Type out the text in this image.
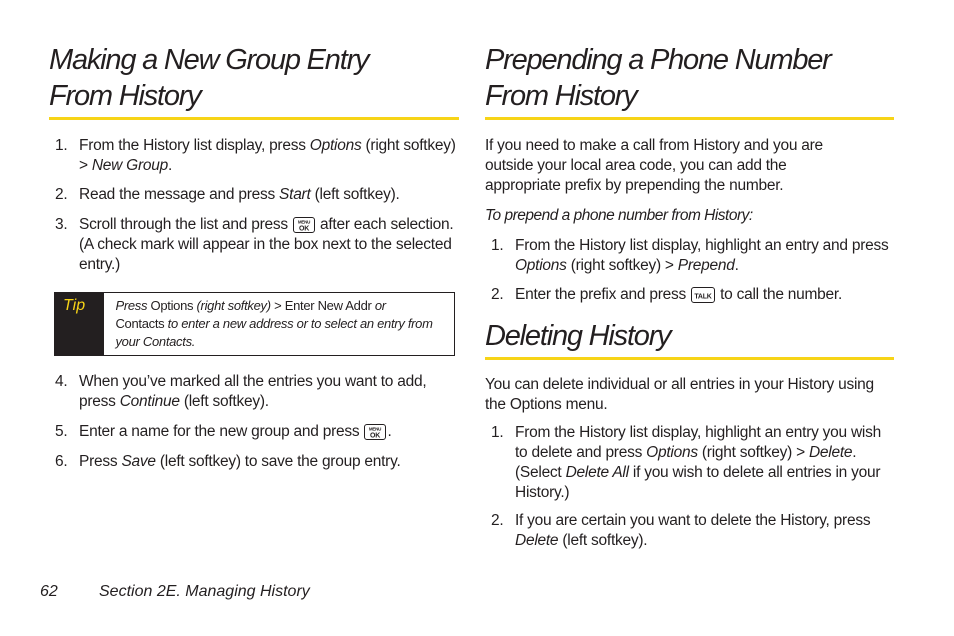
Making a New Group Entry
From History
1. From the History list display, press Options (right softkey) > New Group.
2. Read the message and press Start (left softkey).
3. Scroll through the list and press MENU
OK after each selection. (A check mark will appear in the box next to the selected entry.)
Tip	Press Options (right softkey) > Enter New Addr or
Contacts to enter a new address or to select an entry from your Contacts.
4. When you’ve marked all the entries you want to add, press Continue (left softkey).
5. Enter a name for the new group and press MENU
OK .
6. Press Save (left softkey) to save the group entry.
Prepending a Phone Number
From History

If you need to make a call from History and you are outside your local area code, you can add the appropriate prefix by prepending the number.

To prepend a phone number from History:

1. From the History list display, highlight an entry and press Options (right softkey) > Prepend.
2. Enter the prefix and press TALK to call the number.
Deleting History

You can delete individual or all entries in your History using the Options menu.

1. From the History list display, highlight an entry you wish to delete and press Options (right softkey) > Delete. (Select Delete All if you wish to delete all entries in your History.)
2. If you are certain you want to delete the History, press Delete (left softkey).
62	Section 2E. Managing History
